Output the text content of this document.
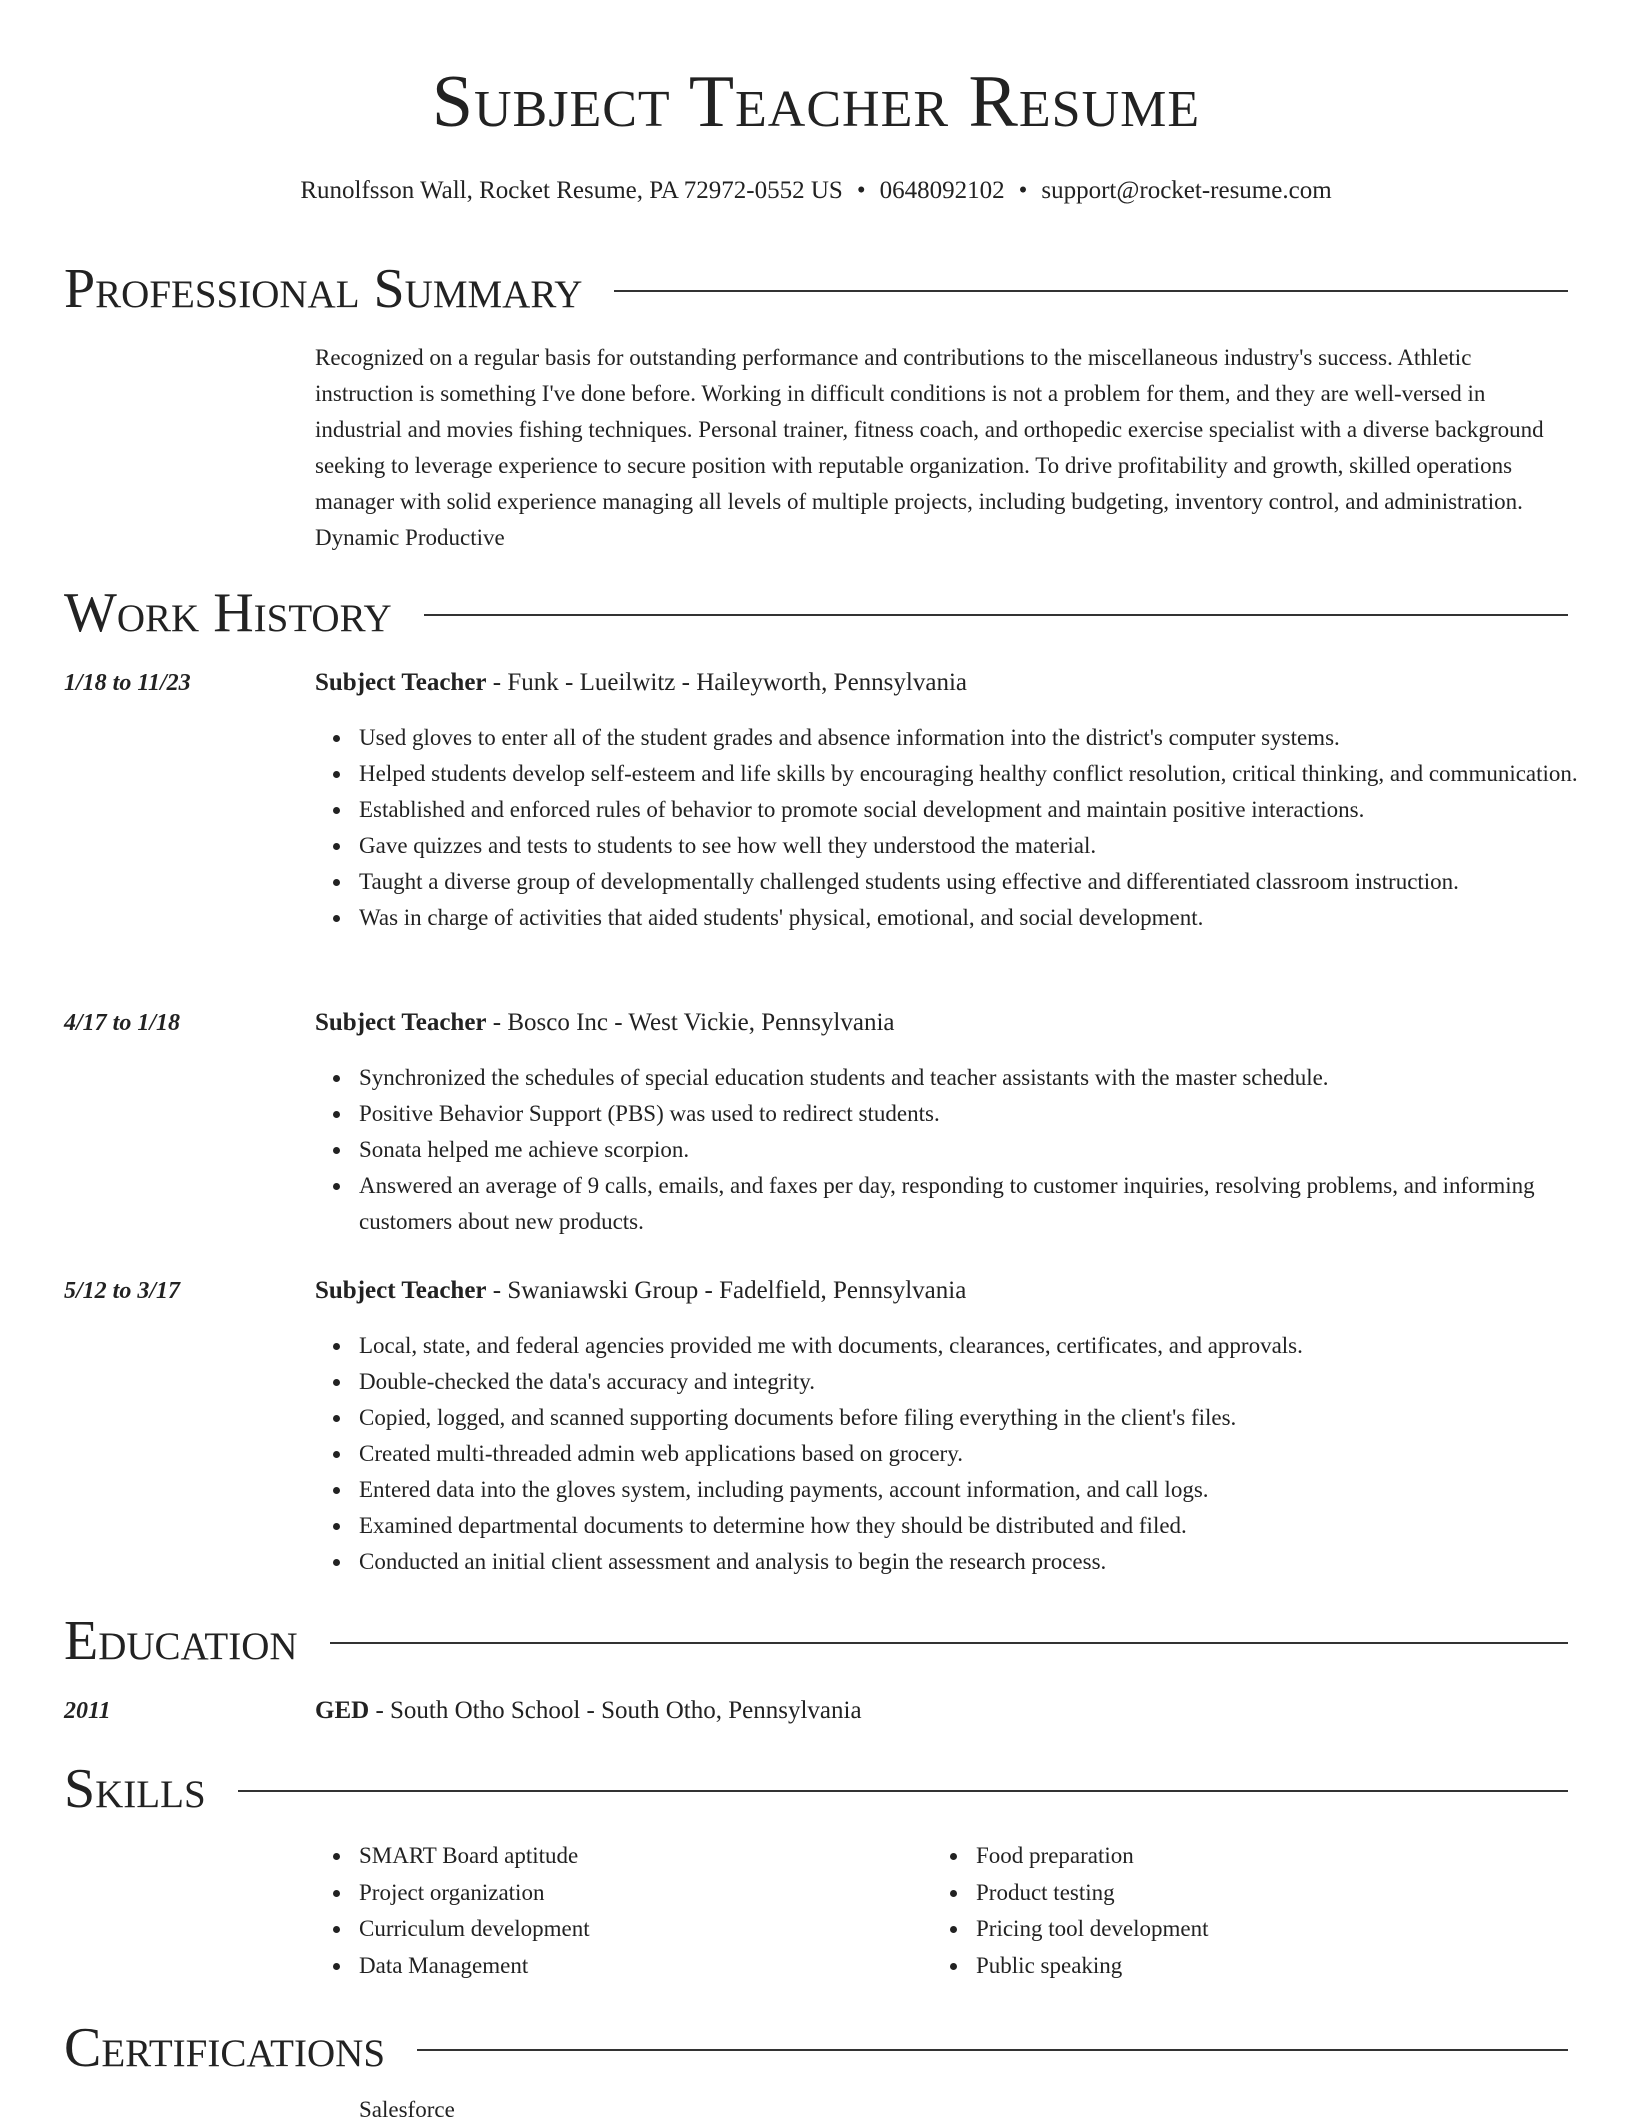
Subject Teacher Resume
Runolfsson Wall, Rocket Resume, PA 72972-0552 US • 0648092102 • support@rocket-resume.com
Professional Summary

Recognized on a regular basis for outstanding performance and contributions to the miscellaneous industry's success. Athletic instruction is something I've done before. Working in difficult conditions is not a problem for them, and they are well-versed in industrial and movies fishing techniques. Personal trainer, fitness coach, and orthopedic exercise specialist with a diverse background seeking to leverage experience to secure position with reputable organization. To drive profitability and growth, skilled operations manager with solid experience managing all levels of multiple projects, including budgeting, inventory control, and administration. Dynamic Productive

Work History
1/18 to 11/23	Subject Teacher - Funk - Lueilwitz - Haileyworth, Pennsylvania
Used gloves to enter all of the student grades and absence information into the district's computer systems.
Helped students develop self-esteem and life skills by encouraging healthy conflict resolution, critical thinking, and communication.
Established and enforced rules of behavior to promote social development and maintain positive interactions.
Gave quizzes and tests to students to see how well they understood the material.
Taught a diverse group of developmentally challenged students using effective and differentiated classroom instruction.
Was in charge of activities that aided students' physical, emotional, and social development.
4/17 to 1/18	Subject Teacher - Bosco Inc - West Vickie, Pennsylvania
Synchronized the schedules of special education students and teacher assistants with the master schedule.
Positive Behavior Support (PBS) was used to redirect students.
Sonata helped me achieve scorpion.
Answered an average of 9 calls, emails, and faxes per day, responding to customer inquiries, resolving problems, and informing customers about new products.
5/12 to 3/17	Subject Teacher - Swaniawski Group - Fadelfield, Pennsylvania
Local, state, and federal agencies provided me with documents, clearances, certificates, and approvals.
Double-checked the data's accuracy and integrity.
Copied, logged, and scanned supporting documents before filing everything in the client's files.
Created multi-threaded admin web applications based on grocery.
Entered data into the gloves system, including payments, account information, and call logs.
Examined departmental documents to determine how they should be distributed and filed.
Conducted an initial client assessment and analysis to begin the research process.
Education
2011	GED - South Otho School - South Otho, Pennsylvania
Skills
SMART Board aptitude
Project organization
Curriculum development
Data Management
Food preparation
Product testing
Pricing tool development
Public speaking
Certifications
Salesforce
